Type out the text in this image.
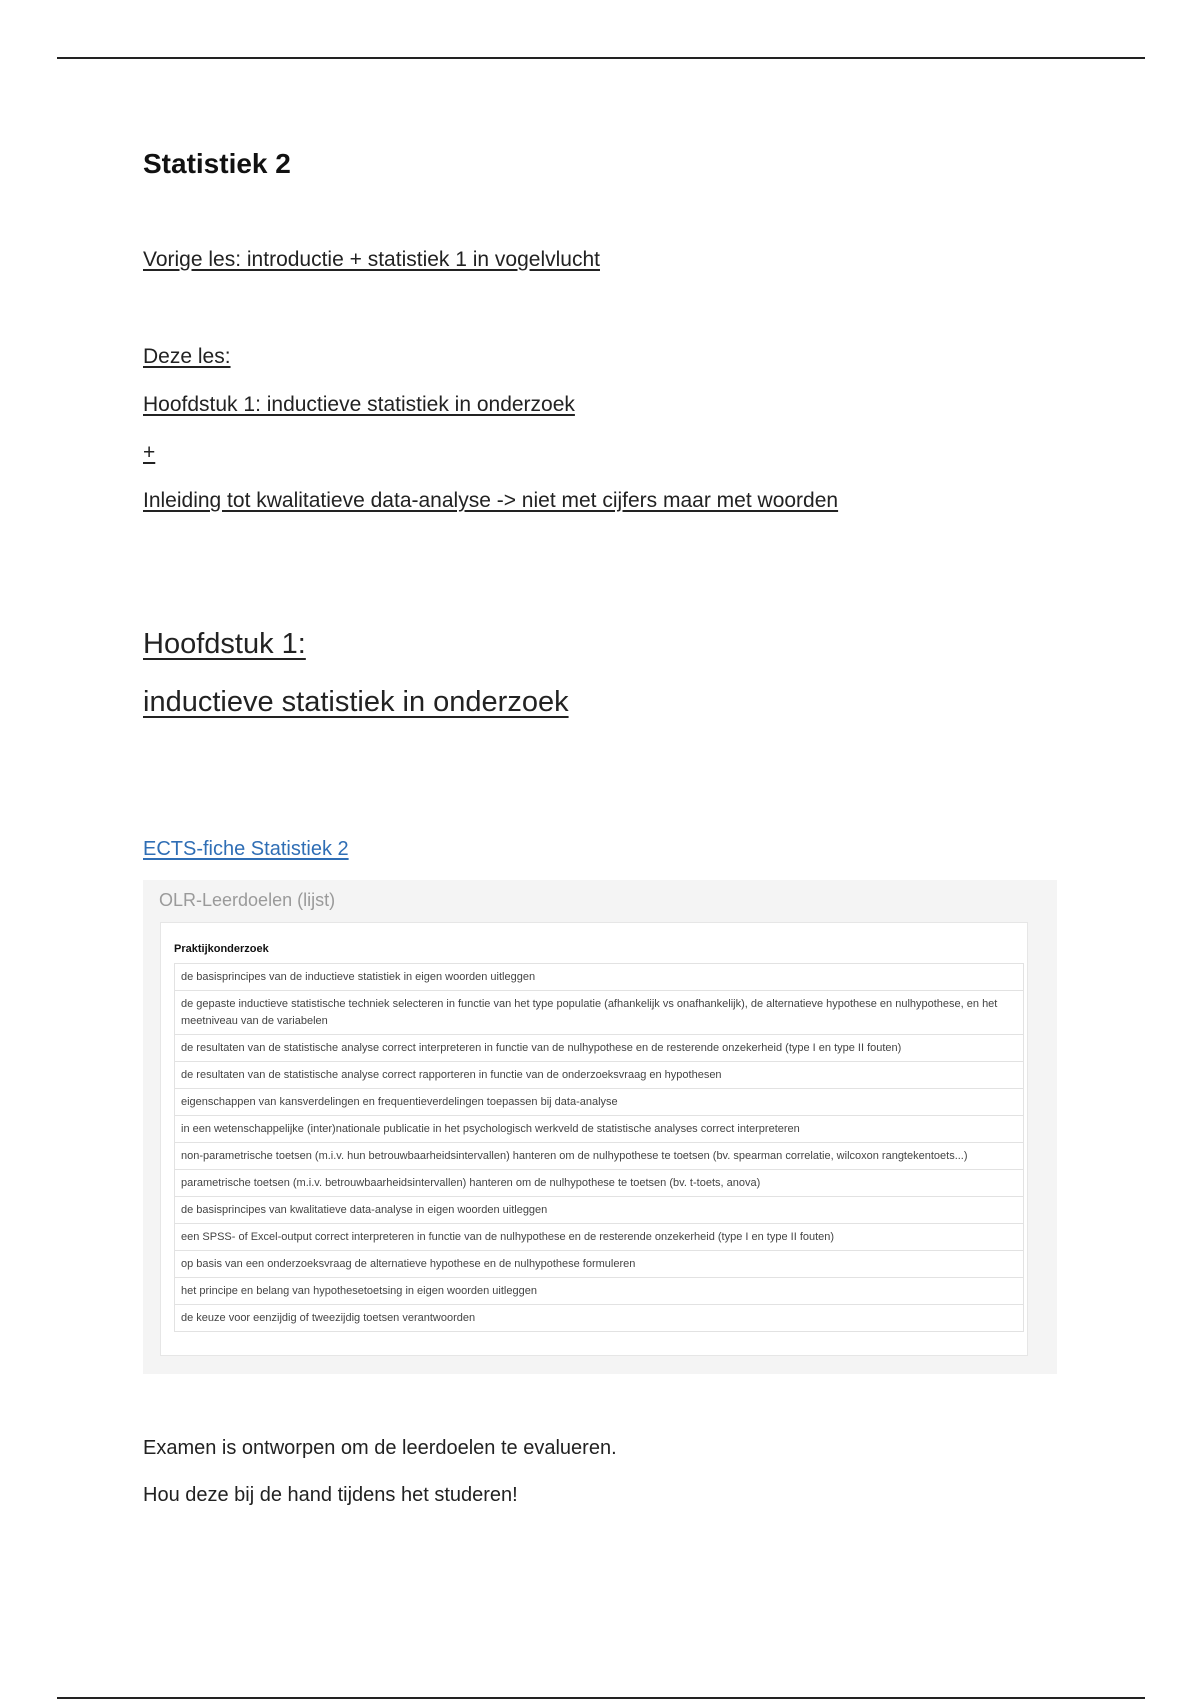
Statistiek 2
Vorige les: introductie + statistiek 1 in vogelvlucht
Deze les:
Hoofdstuk 1: inductieve statistiek in onderzoek
+
Inleiding tot kwalitatieve data-analyse -> niet met cijfers maar met woorden
Hoofdstuk 1:
inductieve statistiek in onderzoek
ECTS-fiche Statistiek 2
Examen is ontworpen om de leerdoelen te evalueren.
Hou deze bij de hand tijdens het studeren!
OLR-Leerdoelen (lijst)
Praktijkonderzoek
de basisprincipes van de inductieve statistiek in eigen woorden uitleggen
de gepaste inductieve statistische techniek selecteren in functie van het type populatie (afhankelijk vs onafhankelijk), de alternatieve hypothese en nulhypothese, en het meetniveau van de variabelen
de resultaten van de statistische analyse correct interpreteren in functie van de nulhypothese en de resterende onzekerheid (type I en type II fouten)
de resultaten van de statistische analyse correct rapporteren in functie van de onderzoeksvraag en hypothesen
eigenschappen van kansverdelingen en frequentieverdelingen toepassen bij data-analyse
in een wetenschappelijke (inter)nationale publicatie in het psychologisch werkveld de statistische analyses correct interpreteren
non-parametrische toetsen (m.i.v. hun betrouwbaarheidsintervallen) hanteren om de nulhypothese te toetsen (bv. spearman correlatie, wilcoxon rangtekentoets...)
parametrische toetsen (m.i.v. betrouwbaarheidsintervallen) hanteren om de nulhypothese te toetsen (bv. t-toets, anova)
de basisprincipes van kwalitatieve data-analyse in eigen woorden uitleggen
een SPSS- of Excel-output correct interpreteren in functie van de nulhypothese en de resterende onzekerheid (type I en type II fouten)
op basis van een onderzoeksvraag de alternatieve hypothese en de nulhypothese formuleren
het principe en belang van hypothesetoetsing in eigen woorden uitleggen
de keuze voor eenzijdig of tweezijdig toetsen verantwoorden
